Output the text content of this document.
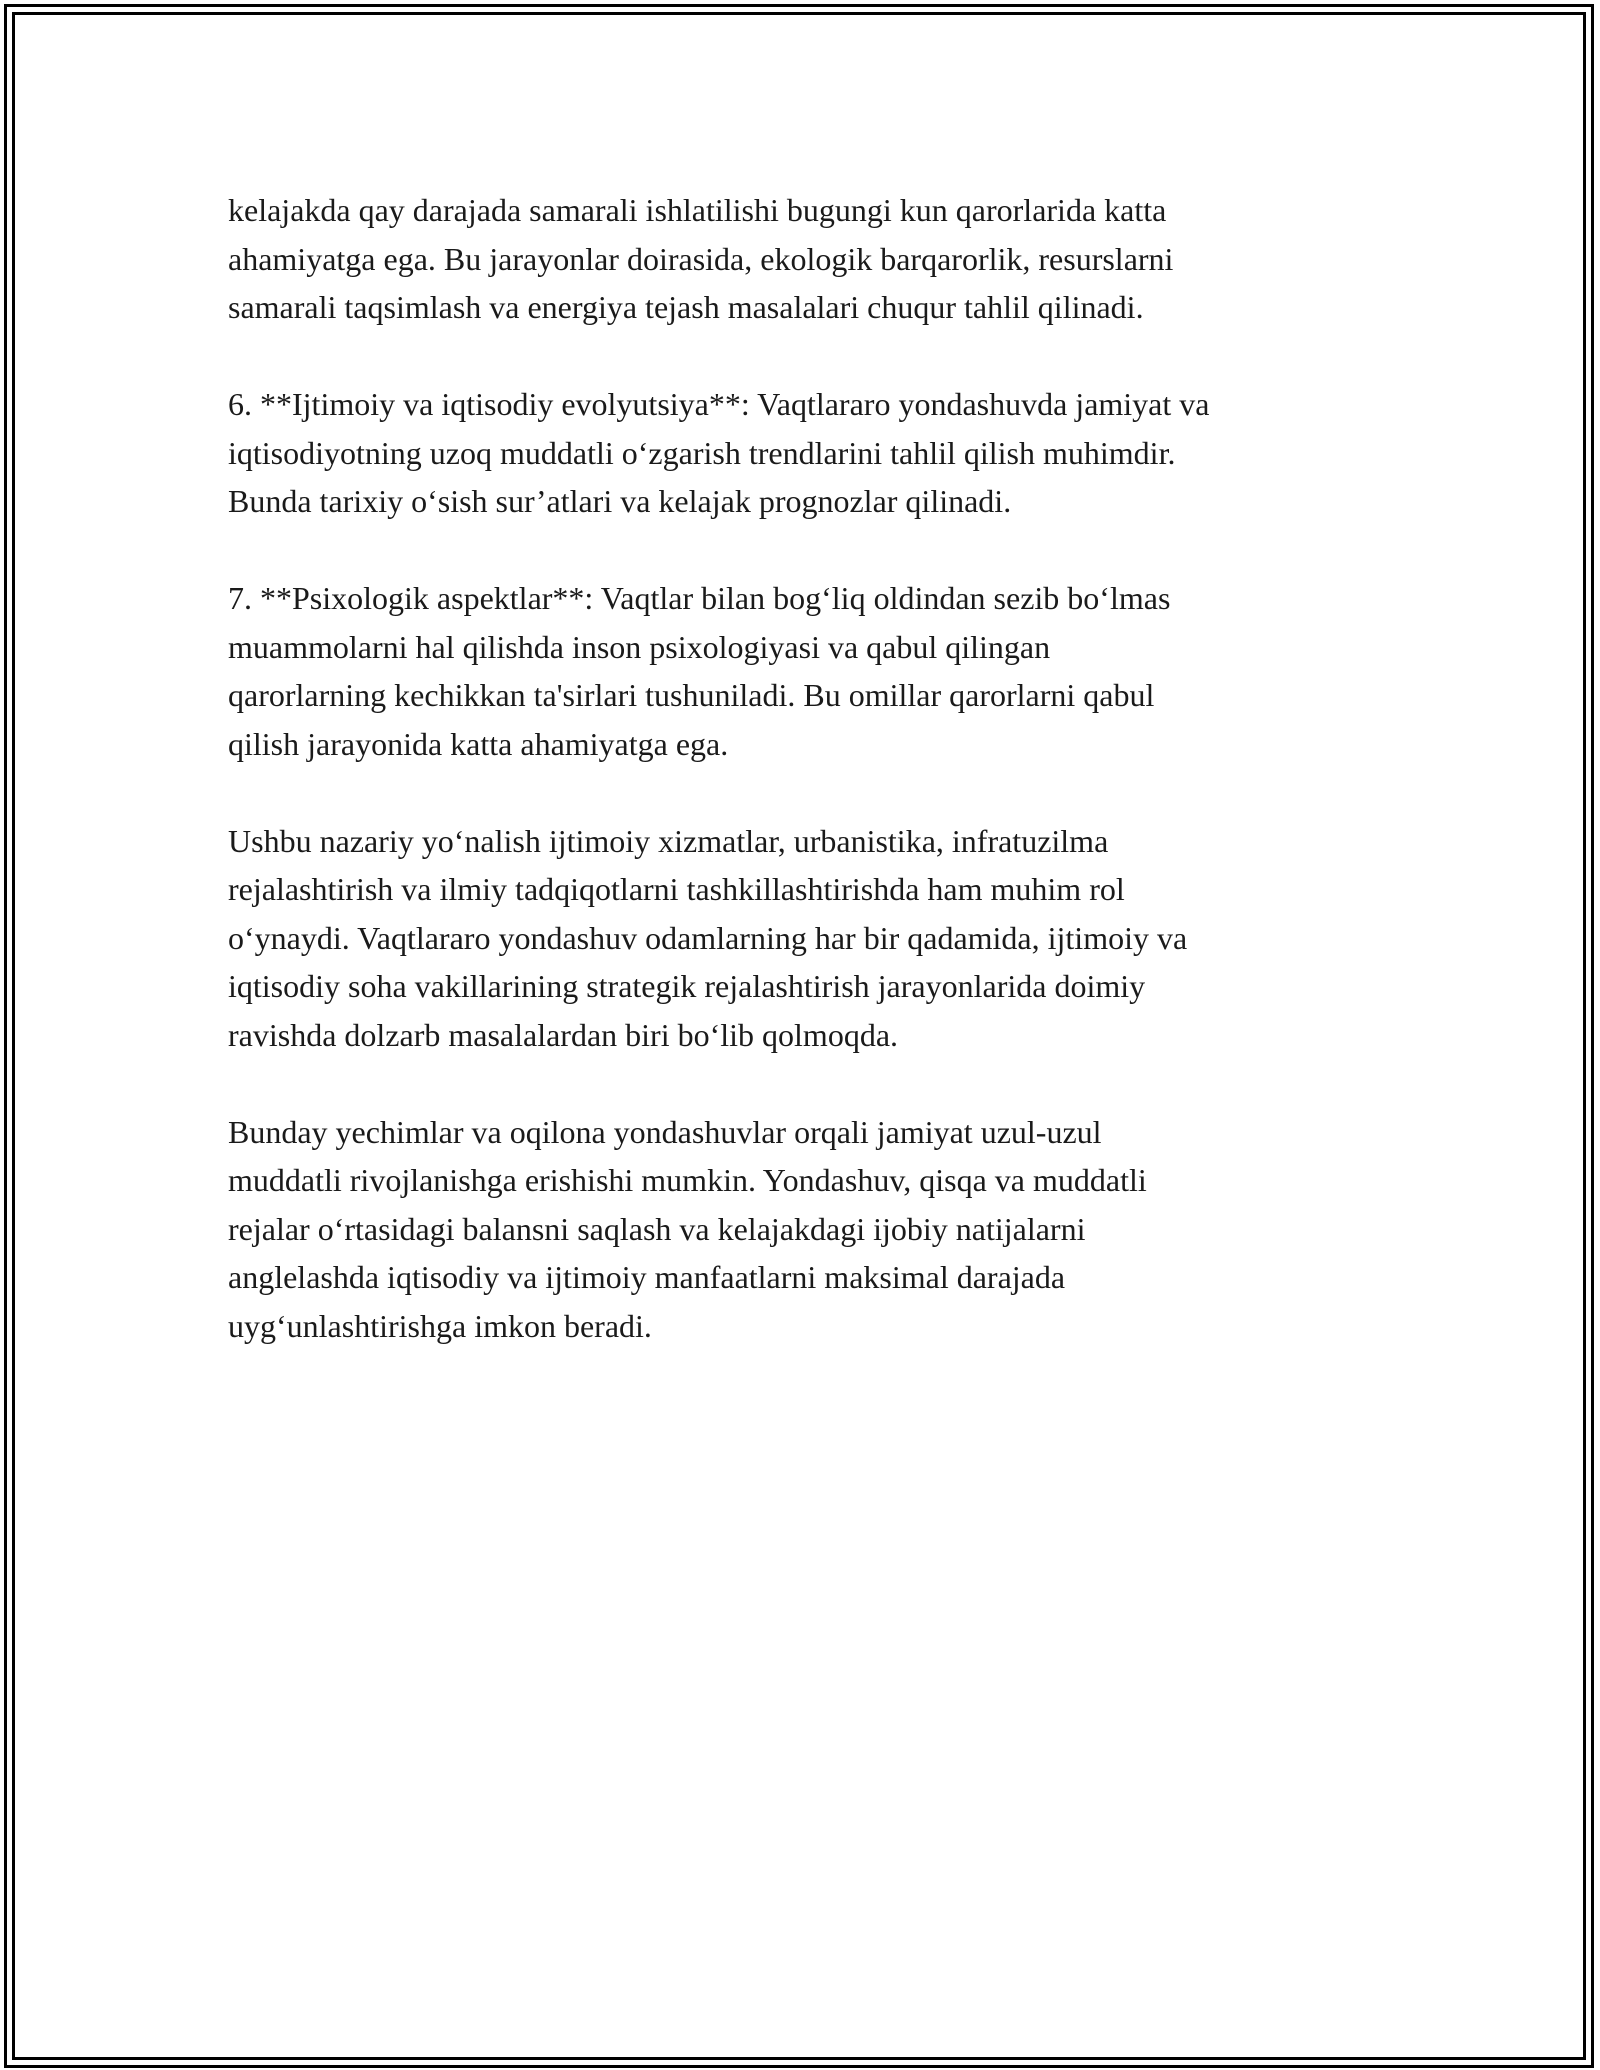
kelajakda qay darajada samarali ishlatilishi bugungi kun qarorlarida katta
ahamiyatga ega. Bu jarayonlar doirasida, ekologik barqarorlik, resurslarni
samarali taqsimlash va energiya tejash masalalari chuqur tahlil qilinadi.

6. **Ijtimoiy va iqtisodiy evolyutsiya**: Vaqtlararo yondashuvda jamiyat va
iqtisodiyotning uzoq muddatli o‘zgarish trendlarini tahlil qilish muhimdir.
Bunda tarixiy o‘sish sur’atlari va kelajak prognozlar qilinadi.

7. **Psixologik aspektlar**: Vaqtlar bilan bog‘liq oldindan sezib bo‘lmas
muammolarni hal qilishda inson psixologiyasi va qabul qilingan
qarorlarning kechikkan ta'sirlari tushuniladi. Bu omillar qarorlarni qabul
qilish jarayonida katta ahamiyatga ega.

Ushbu nazariy yo‘nalish ijtimoiy xizmatlar, urbanistika, infratuzilma
rejalashtirish va ilmiy tadqiqotlarni tashkillashtirishda ham muhim rol
o‘ynaydi. Vaqtlararo yondashuv odamlarning har bir qadamida, ijtimoiy va
iqtisodiy soha vakillarining strategik rejalashtirish jarayonlarida doimiy
ravishda dolzarb masalalardan biri bo‘lib qolmoqda.

Bunday yechimlar va oqilona yondashuvlar orqali jamiyat uzul-uzul
muddatli rivojlanishga erishishi mumkin. Yondashuv, qisqa va muddatli
rejalar o‘rtasidagi balansni saqlash va kelajakdagi ijobiy natijalarni
anglelashda iqtisodiy va ijtimoiy manfaatlarni maksimal darajada
uyg‘unlashtirishga imkon beradi.
